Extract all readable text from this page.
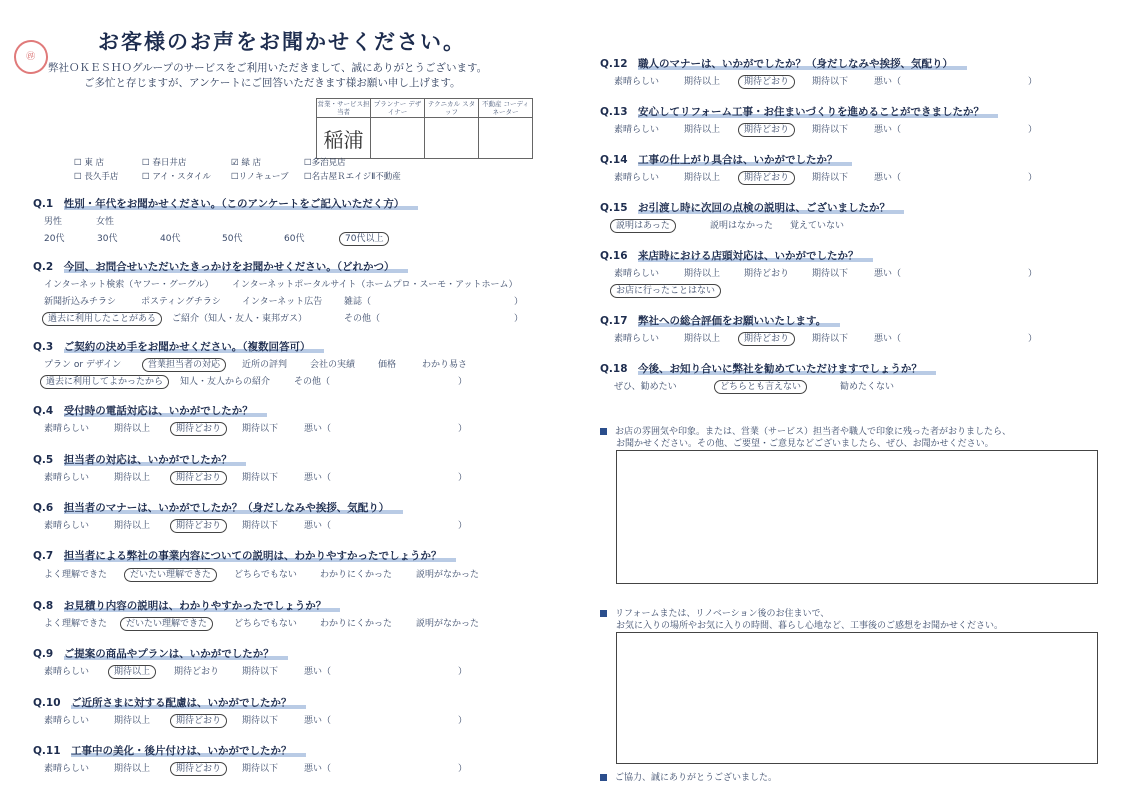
お客様のお声をお聞かせください。
㊞
弊社ＯＫＥＳＨＯグループのサービスをご利用いただきまして、誠にありがとうございます。
ご多忙と存じますが、アンケートにご回答いただきます様お願い申し上げます。
営業・サービス担当者	プランナー デザイナー	テクニカル スタッフ	不動産 コーディネーター
稲浦			
☐ 東 店	☐ 春日井店	☑ 緑 店	☐多治見店
☐ 長久手店	☐ アイ・スタイル ☐リノキューブ ☐名古屋ＲエイジⅡ不動産
Q.1　 性別・年代をお聞かせください。（このアンケートをご記入いただく方）
男性	女性
20代	30代	40代	50代	60代	70代以上
Q.2　 今回、お問合せいただいたきっかけをお聞かせください。（どれかつ）
インターネット検索（ヤフー・グーグル） インターネットポータルサイト（ホームプロ・スーモ・アットホーム）
新聞折込みチラシ	ポスティングチラシ インターネット広告 雑誌（	）
過去に利用したことがある	ご紹介（知人・友人・東邦ガス）	その他（	）
Q.3　 ご契約の決め手をお聞かせください。（複数回答可）
プラン or デザイン	営業担当者の対応	近所の評判	会社の実績	価格	わかり易さ
過去に利用してよかったから	知人・友人からの紹介	その他（	）
Q.4　 受付時の電話対応は、いかがでしたか？
素晴らしい	期待以上	期待どおり	期待以下	悪い（	）
Q.5　 担当者の対応は、いかがでしたか？
素晴らしい	期待以上	期待どおり	期待以下	悪い（	）
Q.6　 担当者のマナーは、いかがでしたか？（身だしなみや挨拶、気配り）
素晴らしい	期待以上	期待どおり	期待以下	悪い（	）
Q.7　 担当者による弊社の事業内容についての説明は、わかりやすかったでしょうか？
よく理解できた	だいたい理解できた	どちらでもない	わかりにくかった	説明がなかった
Q.8　 お見積り内容の説明は、わかりやすかったでしょうか？
よく理解できた だいたい理解できた	どちらでもない	わかりにくかった	説明がなかった
Q.9　 ご提案の商品やプランは、いかがでしたか？
素晴らしい	期待以上	期待どおり	期待以下	悪い（	）
Q.10　 ご近所さまに対する配慮は、いかがでしたか？
素晴らしい	期待以上	期待どおり	期待以下	悪い（	）
Q.11　 工事中の美化・後片付けは、いかがでしたか？
素晴らしい	期待以上	期待どおり	期待以下	悪い（	）
Q.12　 職人のマナーは、いかがでしたか？（身だしなみや挨拶、気配り）
素晴らしい	期待以上	期待どおり	期待以下	悪い（	）
Q.13　 安心してリフォーム工事・お住まいづくりを進めることができましたか？
素晴らしい	期待以上	期待どおり	期待以下	悪い（	）
Q.14　 工事の仕上がり具合は、いかがでしたか？
素晴らしい	期待以上	期待どおり	期待以下	悪い（	）
Q.15　 お引渡し時に次回の点検の説明は、ございましたか？
説明はあった	説明はなかった 覚えていない
Q.16　 来店時における店頭対応は、いかがでしたか？
素晴らしい	期待以上	期待どおり	期待以下	悪い（	）
お店に行ったことはない
Q.17　 弊社への総合評価をお願いいたします。
素晴らしい	期待以上	期待どおり	期待以下	悪い（	）
Q.18　 今後、お知り合いに弊社を勧めていただけますでしょうか？
ぜひ、勧めたい	どちらとも言えない	勧めたくない
お店の雰囲気や印象。または、営業（サービス）担当者や職人で印象に残った者がおりましたら、
お聞かせください。その他、ご要望・ご意見などございましたら、ぜひ、お聞かせください。
リフォームまたは、リノベーション後のお住まいで、
お気に入りの場所やお気に入りの時間、暮らし心地など、工事後のご感想をお聞かせください。
ご協力、誠にありがとうございました。
